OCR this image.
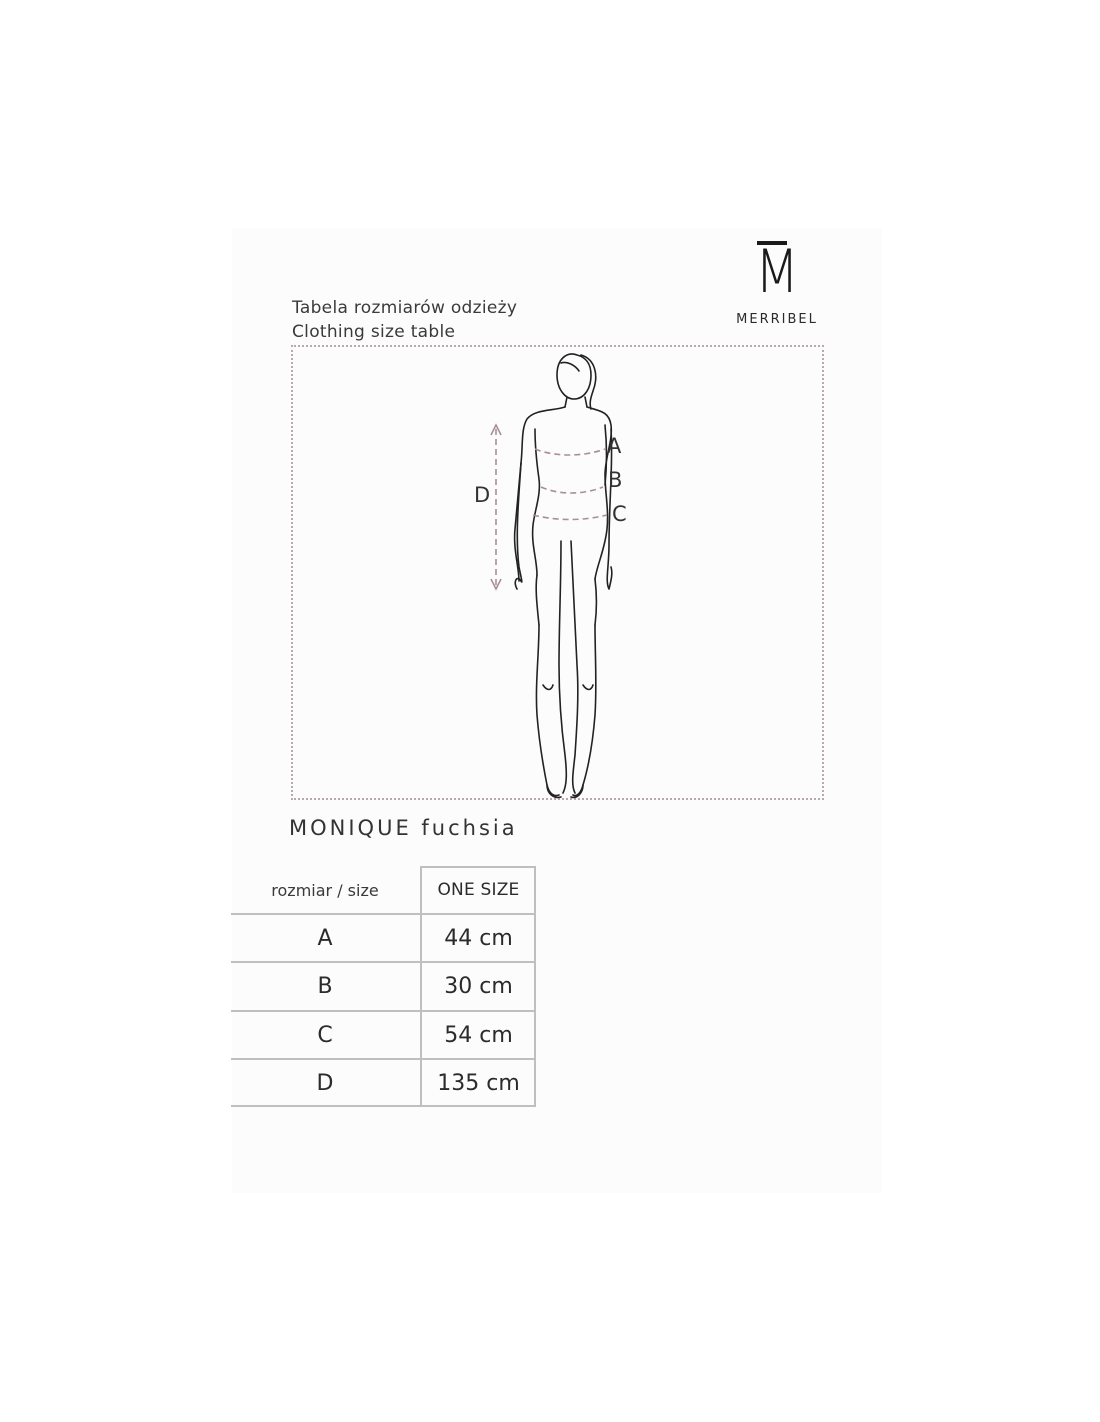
M
MERRIBEL
Tabela rozmiarów odzieży
Clothing size table
A
B
C
D
MONIQUE fuchsia
rozmiar / size	ONE SIZE
A	44 cm
B	30 cm
C	54 cm
D	135 cm
